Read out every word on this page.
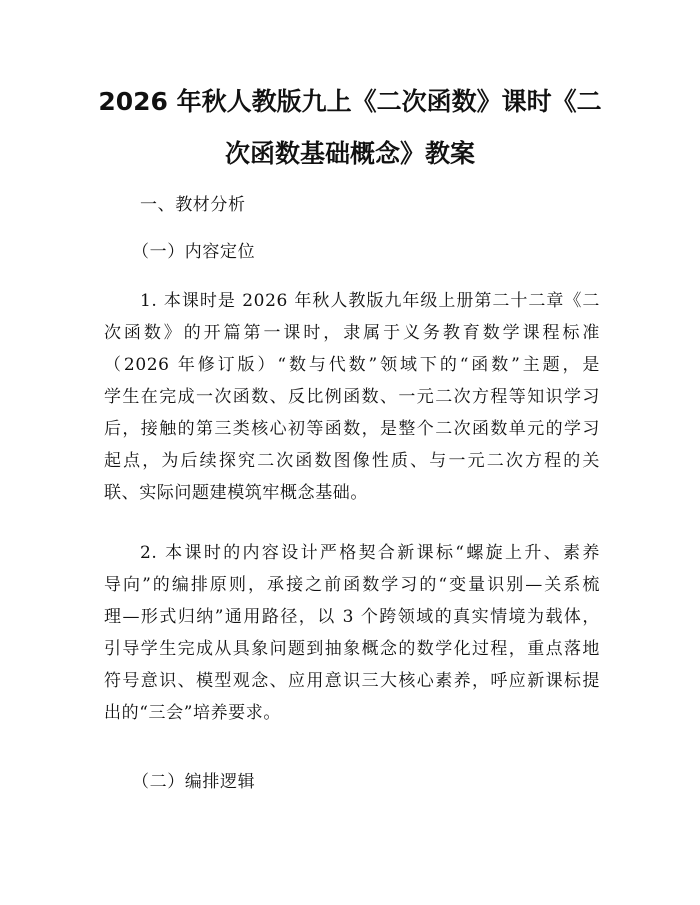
2026 年秋人教版九上《二次函数》课时《二
次函数基础概念》教案
一、教材分析
（一）内容定位
1. 本课时是 2026 年秋人教版九年级上册第二十二章《二
次函数》的开篇第一课时，隶属于义务教育数学课程标准
（2026 年修订版）“数与代数”领域下的“函数”主题，是
学生在完成一次函数、反比例函数、一元二次方程等知识学习
后，接触的第三类核心初等函数，是整个二次函数单元的学习
起点，为后续探究二次函数图像性质、与一元二次方程的关
联、实际问题建模筑牢概念基础。
2. 本课时的内容设计严格契合新课标“螺旋上升、素养
导向”的编排原则，承接之前函数学习的“变量识别—关系梳
理—形式归纳”通用路径，以 3 个跨领域的真实情境为载体，
引导学生完成从具象问题到抽象概念的数学化过程，重点落地
符号意识、模型观念、应用意识三大核心素养，呼应新课标提
出的“三会”培养要求。
（二）编排逻辑
